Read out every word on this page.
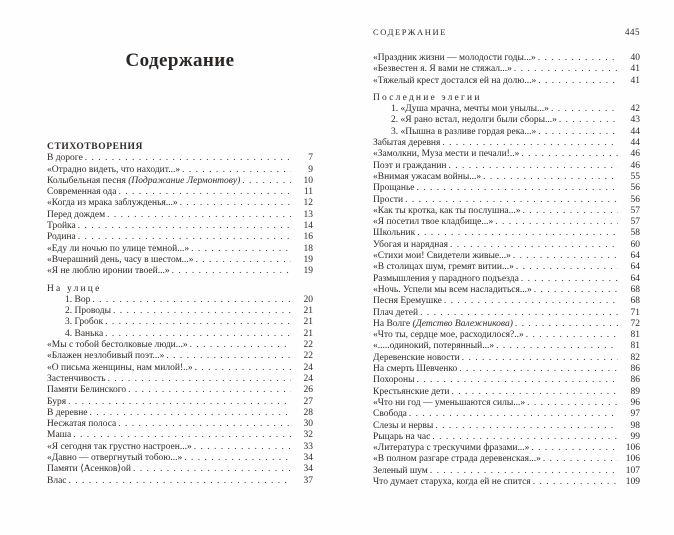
Содержание
СТИХОТВОРЕНИЯ
В дороге . . .	7
«Отрадно видеть, что находит...» . . .	9
Колыбельная песня (Подражание Лермонтову) . . .	10
Современная ода . . .	11
«Когда из мрака заблужденья...» . . .	12
Перед дождем . . .	13
Тройка . . .	14
Родина . . .	16
«Еду ли ночью по улице темной...» . . .	18
«Вчерашний день, часу в шестом...» . . .	19
«Я не люблю иронии твоей...» . . .	19
На улице
1. Вор . . .	20
2. Проводы . . .	21
3. Гробок . . .	21
4. Ванька . . .	21
«Мы с тобой бестолковые люди...» . . .	22
«Блажен незлобивый поэт...» . . .	22
«О письма женщины, нам милой!..» . . .	24
Застенчивость . . .	24
Памяти Белинского . . .	26
Буря . . .	27
В деревне . . .	28
Несжатая полоса . . .	30
Маша . . .	32
«Я сегодня так грустно настроен...» . . .	33
«Давно — отвергнутый тобою...» . . .	34
Памяти ⟨Асенков⟩ой . . .	34
Влас . . .	37
СОДЕРЖАНИЕ	445
«Праздник жизни — молодости годы...» . . .	40
«Безвестен я. Я вами не стяжал...» . . .	41
«Тяжелый крест достался ей на долю...» . . .	41
Последние элегии
1. «Душа мрачна, мечты мои унылы...» . . .	42
2. «Я рано встал, недолги были сборы...» . . .	43
3. «Пышна в разливе гордая река...» . . .	44
Забытая деревня . . .	44
«Замолкни, Муза мести и печали!..» . . .	46
Поэт и гражданин . . .	46
«Внимая ужасам войны...» . . .	55
Прощанье . . .	56
Прости . . .	56
«Как ты кротка, как ты послушна...» . . .	57
«Я посетил твое кладбище...» . . .	57
Школьник . . .	58
Убогая и нарядная . . .	60
«Стихи мои! Свидетели живые...» . . .	64
«В столицах шум, гремят витии...» . . .	64
Размышления у парадного подъезда . . .	64
«Ночь. Успели мы всем насладиться...» . . .	68
Песня Еремушке . . .	68
Плач детей . . .	71
На Волге (Детство Валежникова) . . .	72
«Что ты, сердце мое, расходилося?..» . . .	81
«.....одинокий, потерянный...» . . .	81
Деревенские новости . . .	82
На смерть Шевченко . . .	86
Похороны . . .	86
Крестьянские дети . . .	89
«Что ни год — уменьшаются силы...» . . .	96
Свобода . . .	97
Слезы и нервы . . .	98
Рыцарь на час . . .	99
«Литература с трескучими фразами...» . . .	106
«В полном разгаре страда деревенская...» . . .	106
Зеленый шум . . .	107
Что думает старуха, когда ей не спится . . .	109
